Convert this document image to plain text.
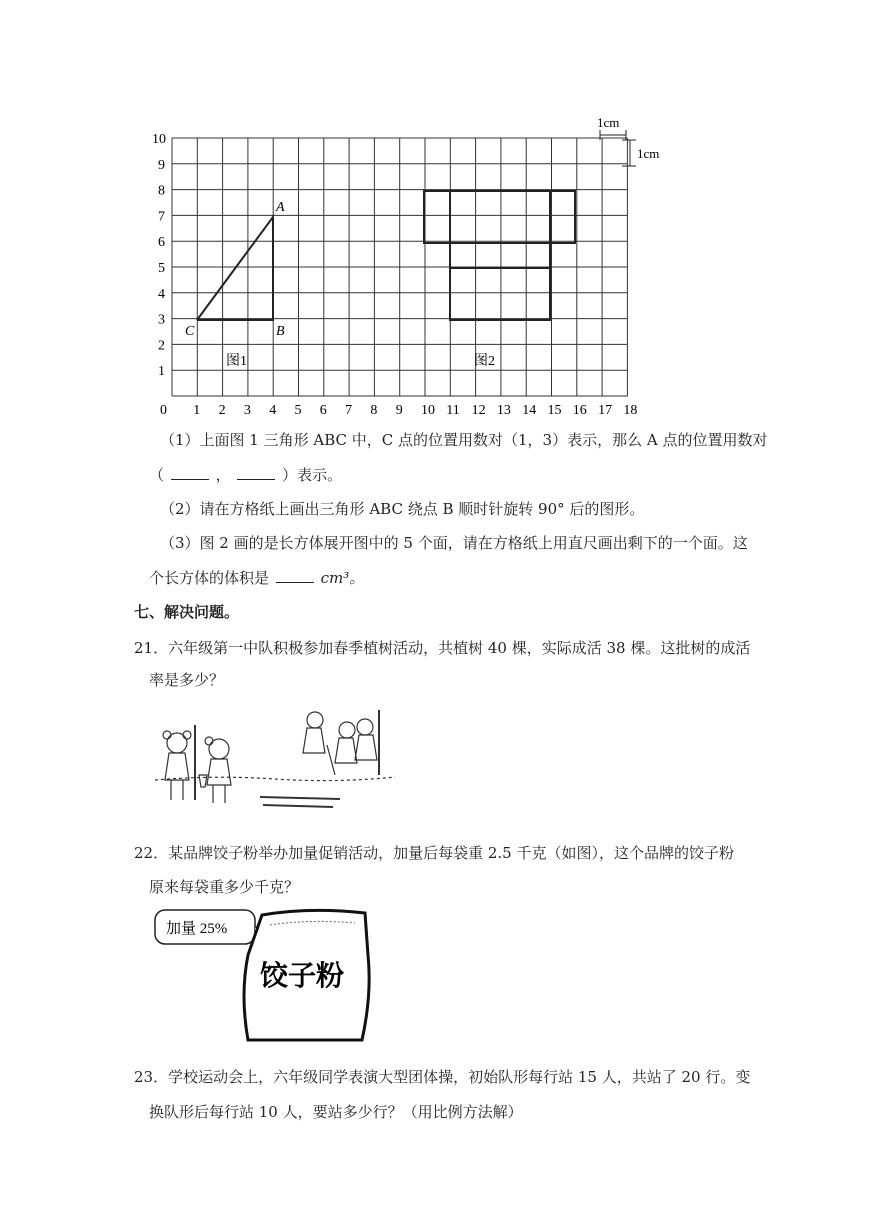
0 1 2 3 4 5 6 7 8 9 10 11 12 13 14 15 16 17 18
1
2
3
4
5
6
7
8
9
10
A
B
C
图1	图2
1cm
1cm
（1）上面图 1 三角形 ABC 中，C 点的位置用数对（1，3）表示，那么 A 点的位置用数对
（	，	）表示。
（2）请在方格纸上画出三角形 ABC 绕点 B 顺时针旋转 90° 后的图形。
（3）图 2 画的是长方体展开图中的 5 个面，请在方格纸上用直尺画出剩下的一个面。这
个长方体的体积是	cm³。
七、解决问题。
21．六年级第一中队积极参加春季植树活动，共植树 40 棵，实际成活 38 棵。这批树的成活
率是多少？
22．某品牌饺子粉举办加量促销活动，加量后每袋重 2.5 千克（如图），这个品牌的饺子粉
原来每袋重多少千克？
加量 25%
饺子粉
23．学校运动会上，六年级同学表演大型团体操，初始队形每行站 15 人，共站了 20 行。变
换队形后每行站 10 人，要站多少行？（用比例方法解）
